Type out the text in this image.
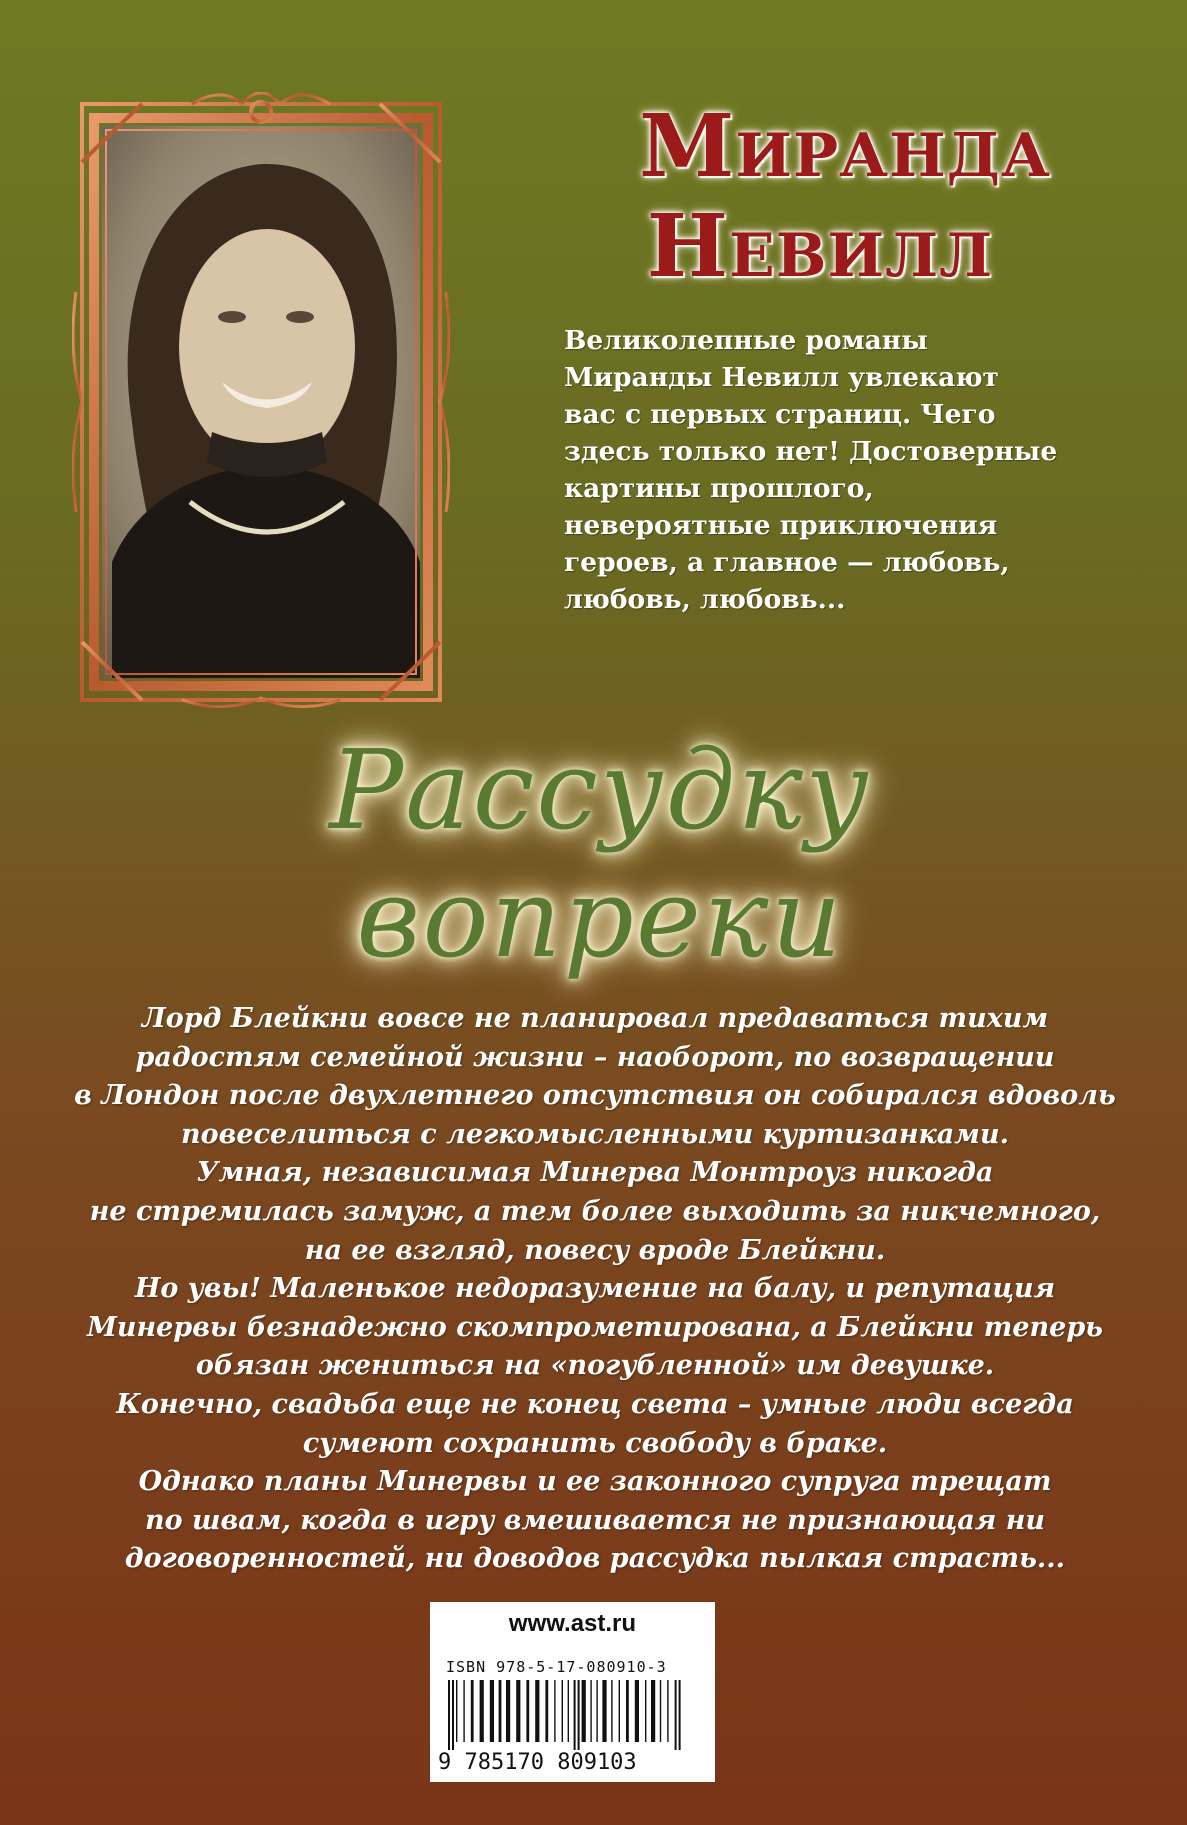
Миранда
Невилл
Великолепные романы
Миранды Невилл увлекают
вас с первых страниц. Чего
здесь только нет! Достоверные
картины прошлого,
невероятные приключения
героев, а главное — любовь,
любовь, любовь...
Рассудку вопреки
Лорд Блейкни вовсе не планировал предаваться тихим
радостям семейной жизни – наоборот, по возвращении
в Лондон после двухлетнего отсутствия он собирался вдоволь
повеселиться с легкомысленными куртизанками.
Умная, независимая Минерва Монтроуз никогда
не стремилась замуж, а тем более выходить за никчемного,
на ее взгляд, повесу вроде Блейкни.
Но увы! Маленькое недоразумение на балу, и репутация
Минервы безнадежно скомпрометирована, а Блейкни теперь
обязан жениться на «погубленной» им девушке.
Конечно, свадьба еще не конец света – умные люди всегда
сумеют сохранить свободу в браке.
Однако планы Минервы и ее законного супруга трещат
по швам, когда в игру вмешивается не признающая ни
договоренностей, ни доводов рассудка пылкая страсть...
www.ast.ru
ISBN 978-5-17-080910-3
9 785170 809103
